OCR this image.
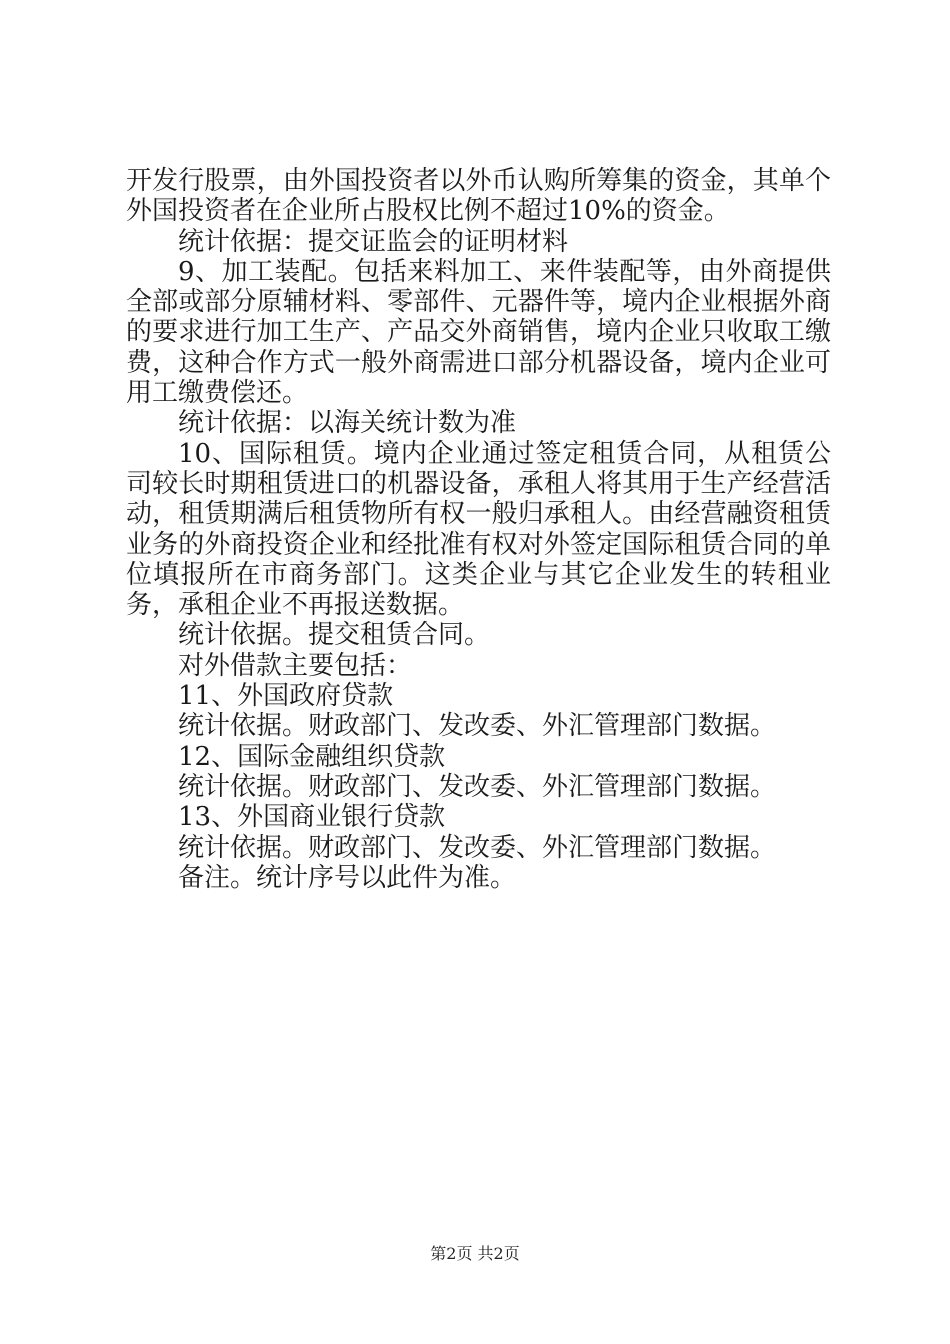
开发行股票，由外国投资者以外币认购所筹集的资金，其单个外国投资者在企业所占股权比例不超过10%的资金。

统计依据：提交证监会的证明材料

9、加工装配。包括来料加工、来件装配等，由外商提供全部或部分原辅材料、零部件、元器件等，境内企业根据外商的要求进行加工生产、产品交外商销售，境内企业只收取工缴费，这种合作方式一般外商需进口部分机器设备，境内企业可用工缴费偿还。

统计依据：以海关统计数为准

10、国际租赁。境内企业通过签定租赁合同，从租赁公司较长时期租赁进口的机器设备，承租人将其用于生产经营活动，租赁期满后租赁物所有权一般归承租人。由经营融资租赁业务的外商投资企业和经批准有权对外签定国际租赁合同的单位填报所在市商务部门。这类企业与其它企业发生的转租业务，承租企业不再报送数据。

统计依据。提交租赁合同。

对外借款主要包括：

11、外国政府贷款

统计依据。财政部门、发改委、外汇管理部门数据。

12、国际金融组织贷款

统计依据。财政部门、发改委、外汇管理部门数据。

13、外国商业银行贷款

统计依据。财政部门、发改委、外汇管理部门数据。

备注。统计序号以此件为准。

第2页 共2页
